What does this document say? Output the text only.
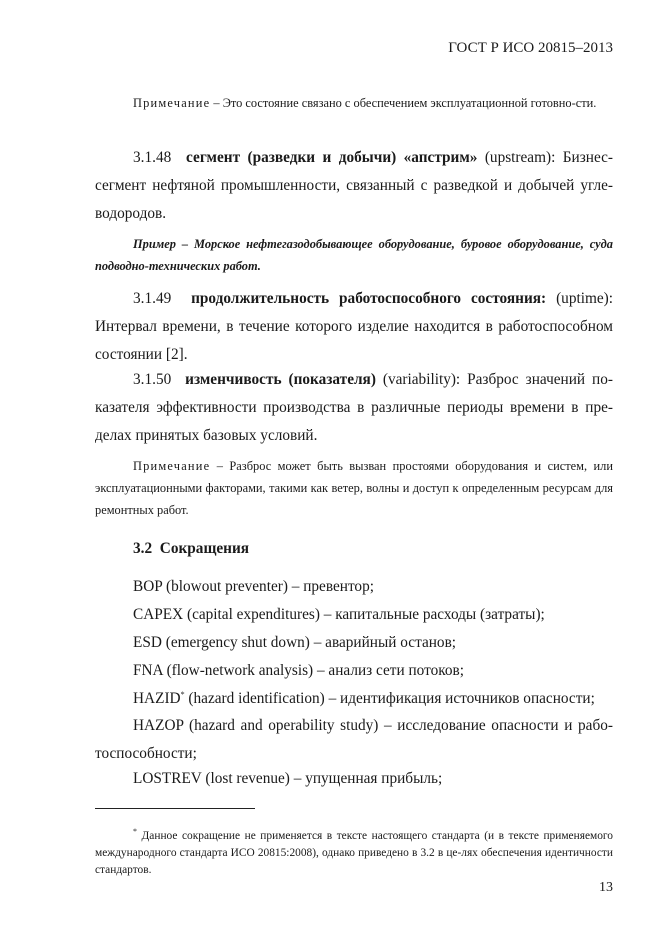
ГОСТ Р ИСО 20815–2013
Примечание – Это состояние связано с обеспечением эксплуатационной готовно-сти.
3.1.48 сегмент (разведки и добычи) «апстрим» (upstream): Бизнес-сегмент нефтяной промышленности, связанный с разведкой и добычей угле-водородов.
Пример – Морское нефтегазодобывающее оборудование, буровое оборудование, суда подводно-технических работ.
3.1.49 продолжительность работоспособного состояния: (uptime): Интервал времени, в течение которого изделие находится в работоспособном состоянии [2].
3.1.50 изменчивость (показателя) (variability): Разброс значений по-казателя эффективности производства в различные периоды времени в пре-делах принятых базовых условий.
Примечание – Разброс может быть вызван простоями оборудования и систем, или эксплуатационными факторами, такими как ветер, волны и доступ к определенным ресурсам для ремонтных работ.
3.2 Сокращения
BOP (blowout preventer) – превентор;
CAPEX (capital expenditures) – капитальные расходы (затраты);
ESD (emergency shut down) – аварийный останов;
FNA (flow-network analysis) – анализ сети потоков;
HAZID* (hazard identification) – идентификация источников опасности;
HAZOP (hazard and operability study) – исследование опасности и рабо-тоспособности;
LOSTREV (lost revenue) – упущенная прибыль;
* Данное сокращение не применяется в тексте настоящего стандарта (и в тексте применяемого международного стандарта ИСО 20815:2008), однако приведено в 3.2 в це-лях обеспечения идентичности стандартов.
13
